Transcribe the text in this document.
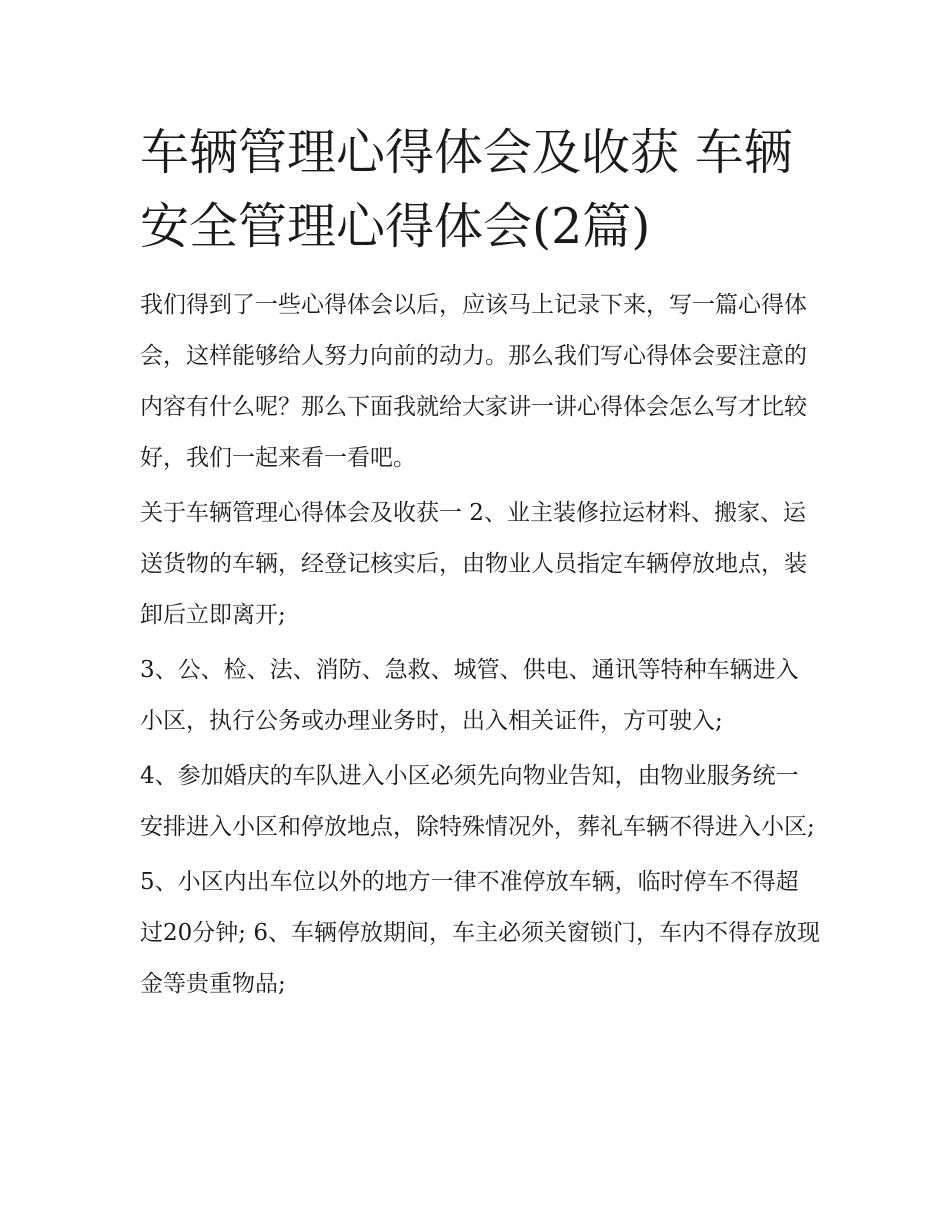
车辆管理心得体会及收获 车辆安全管理心得体会(2篇)

我们得到了一些心得体会以后，应该马上记录下来，写一篇心得体会，这样能够给人努力向前的动力。那么我们写心得体会要注意的内容有什么呢？那么下面我就给大家讲一讲心得体会怎么写才比较好，我们一起来看一看吧。

关于车辆管理心得体会及收获一 2、业主装修拉运材料、搬家、运送货物的车辆，经登记核实后，由物业人员指定车辆停放地点，装卸后立即离开;

3、公、检、法、消防、急救、城管、供电、通讯等特种车辆进入小区，执行公务或办理业务时，出入相关证件，方可驶入;

4、参加婚庆的车队进入小区必须先向物业告知，由物业服务统一安排进入小区和停放地点，除特殊情况外，葬礼车辆不得进入小区;

5、小区内出车位以外的地方一律不准停放车辆，临时停车不得超过20分钟; 6、车辆停放期间，车主必须关窗锁门，车内不得存放现金等贵重物品;
